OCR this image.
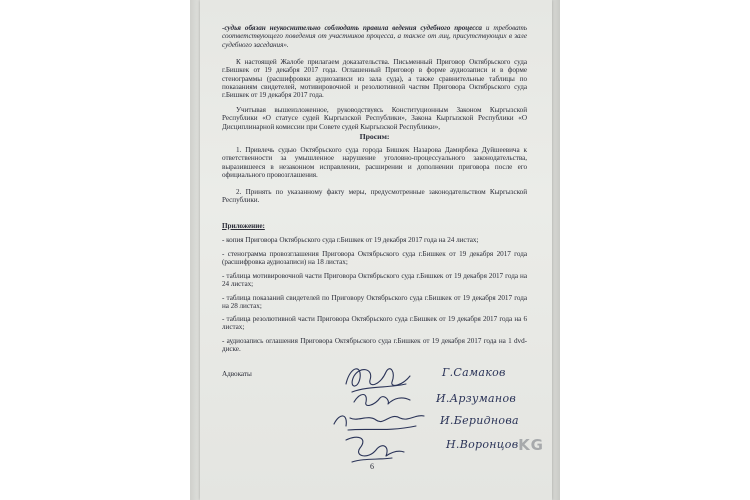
-судья обязан неукоснительно соблюдать правила ведения судебного процесса и требовать соответствующего поведения от участников процесса, а также от лиц, присутствующих в зале судебного заседания».

К настоящей Жалобе прилагаем доказательства. Письменный Приговор Октябрьского суда г.Бишкек от 19 декабря 2017 года. Оглашенный Приговор в форме аудиозаписи и в форме стенограммы (расшифровки аудиозаписи из зала суда), а также сравнительные таблицы по показаниям свидетелей, мотивировочной и резолютивной частям Приговора Октябрьского суда г.Бишкек от 19 декабря 2017 года.

Учитывая вышеизложенное, руководствуясь Конституционным Законом Кыргызской Республики «О статусе судей Кыргызской Республики», Закона Кыргызской Республики «О Дисциплинарной комиссии при Совете судей Кыргызской Республики»,

Просим:

1. Привлечь судью Октябрьского суда города Бишкек Назарова Дамирбека Дуйшеевича к ответственности за умышленное нарушение уголовно-процессуального законодательства, выразившееся в незаконном исправлении, расширении и дополнении приговора после его официального провозглашения.

2. Принять по указанному факту меры, предусмотренные законодательством Кыргызской Республики.

Приложение:

- копия Приговора Октябрьского суда г.Бишкек от 19 декабря 2017 года на 24 листах;

- стенограмма провозглашения Приговора Октябрьского суда г.Бишкек от 19 декабря 2017 года (расшифровка аудиозаписи) на 18 листах;

- таблица мотивировочной части Приговора Октябрьского суда г.Бишкек от 19 декабря 2017 года на 24 листах;

- таблица показаний свидетелей по Приговору Октябрьского суда г.Бишкек от 19 декабря 2017 года на 28 листах;

- таблица резолютивной части Приговора Октябрьского суда г.Бишкек от 19 декабря 2017 года на 6 листах;

- аудиозапись оглашения Приговора Октябрьского суда г.Бишкек от 19 декабря 2017 года на 1 dvd-диске.

Адвокаты	Г.Самаков
И.Арзуманов
И.Бериднова
Н.Воронцов
6
KG
